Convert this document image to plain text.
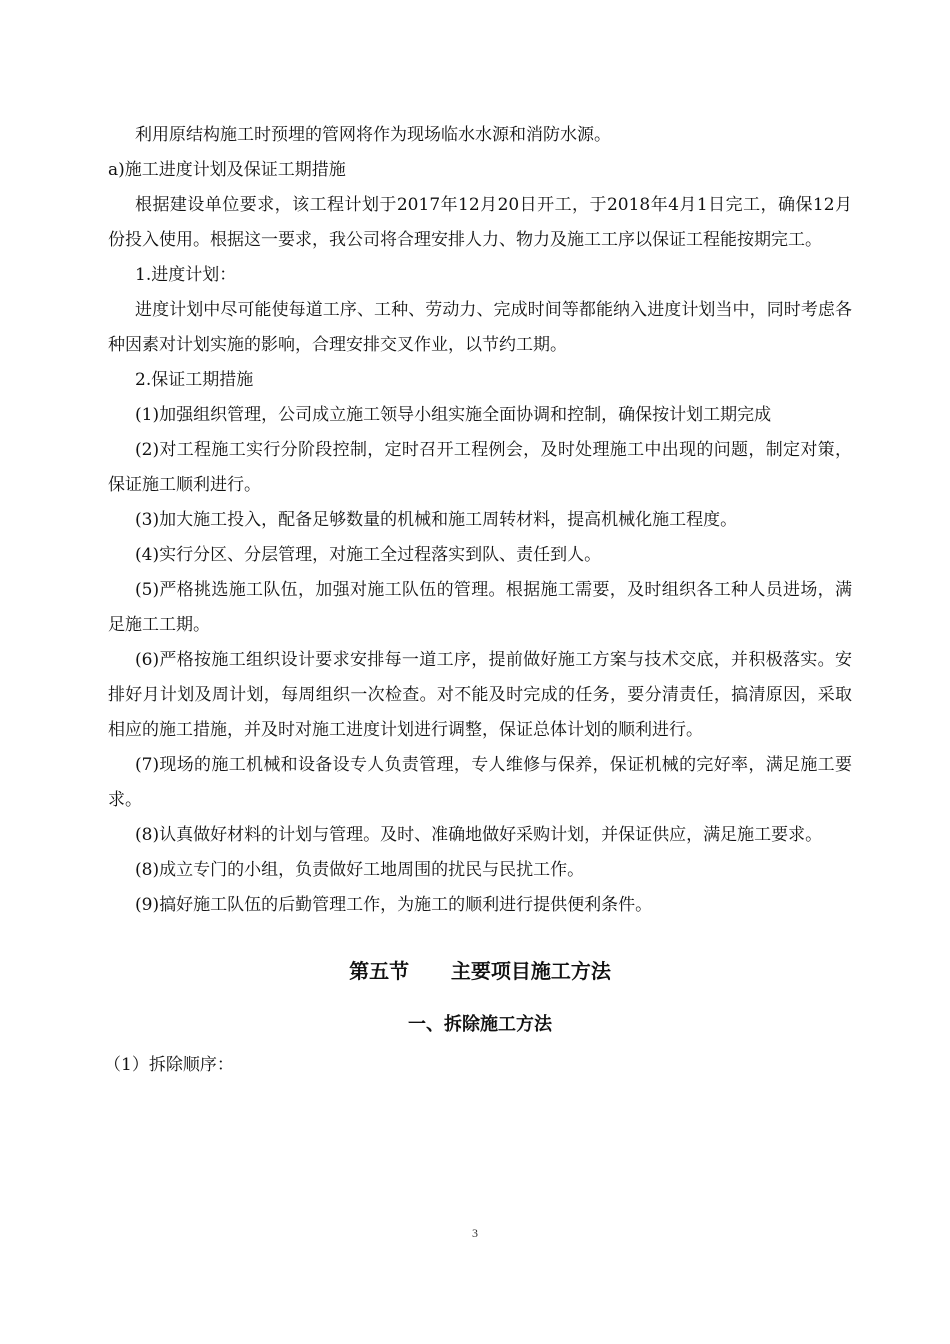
利用原结构施工时预埋的管网将作为现场临水水源和消防水源。

a)施工进度计划及保证工期措施

根据建设单位要求，该工程计划于2017年12月20日开工，于2018年4月1日完工，确保12月份投入使用。根据这一要求，我公司将合理安排人力、物力及施工工序以保证工程能按期完工。

1.进度计划：

进度计划中尽可能使每道工序、工种、劳动力、完成时间等都能纳入进度计划当中，同时考虑各种因素对计划实施的影响，合理安排交叉作业，以节约工期。

2.保证工期措施

(1)加强组织管理，公司成立施工领导小组实施全面协调和控制，确保按计划工期完成

(2)对工程施工实行分阶段控制，定时召开工程例会，及时处理施工中出现的问题，制定对策，保证施工顺利进行。

(3)加大施工投入，配备足够数量的机械和施工周转材料，提高机械化施工程度。

(4)实行分区、分层管理，对施工全过程落实到队、责任到人。

(5)严格挑选施工队伍，加强对施工队伍的管理。根据施工需要，及时组织各工种人员进场，满足施工工期。

(6)严格按施工组织设计要求安排每一道工序，提前做好施工方案与技术交底，并积极落实。安排好月计划及周计划，每周组织一次检查。对不能及时完成的任务，要分清责任，搞清原因，采取相应的施工措施，并及时对施工进度计划进行调整，保证总体计划的顺利进行。

(7)现场的施工机械和设备设专人负责管理，专人维修与保养，保证机械的完好率，满足施工要求。

(8)认真做好材料的计划与管理。及时、准确地做好采购计划，并保证供应，满足施工要求。

(8)成立专门的小组，负责做好工地周围的扰民与民扰工作。

(9)搞好施工队伍的后勤管理工作，为施工的顺利进行提供便利条件。

第五节      主要项目施工方法
一、拆除施工方法

（1）拆除顺序：

3
